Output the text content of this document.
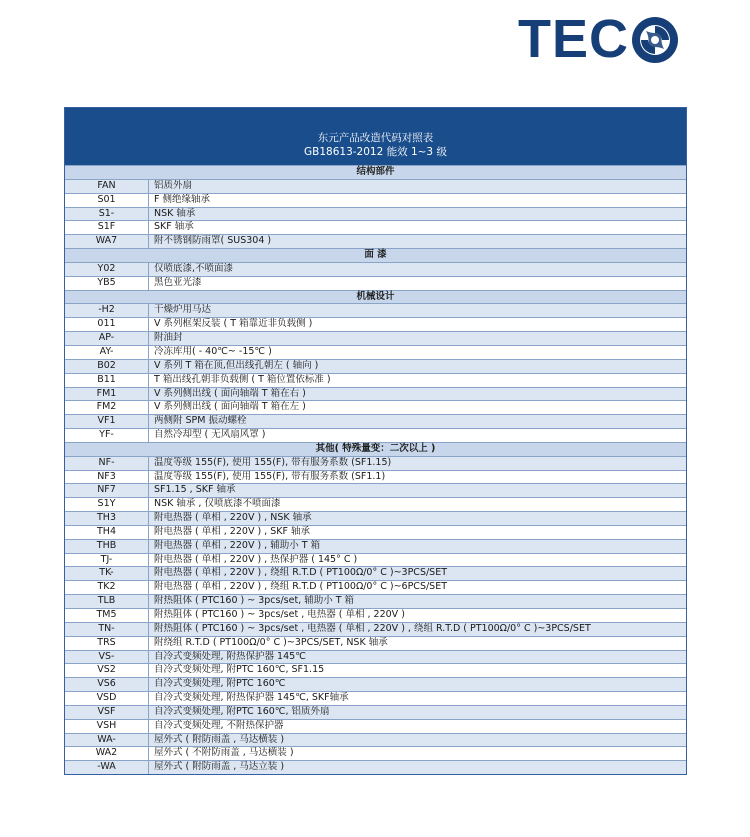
TEC
东元产品改造代码对照表
GB18613-2012 能效 1~3 级
结构部件
FAN	铝质外扇
S01	F 侧绝缘轴承
S1-	NSK 轴承
S1F	SKF 轴承
WA7	附不锈钢防雨罩( SUS304 )
面 漆
Y02	仅喷底漆,不喷面漆
YB5	黑色亚光漆
机械设计
-H2	干燥炉用马达
011	V 系列框架反装 ( T 箱靠近非负载侧 )
AP-	附油封
AY-	冷冻库用( - 40℃~ -15℃ )
B02	V 系列 T 箱在顶,但出线孔朝左 ( 轴向 )
B11	T 箱出线孔朝非负载侧 ( T 箱位置依标准 )
FM1	V 系列侧出线 ( 面向轴端 T 箱在右 )
FM2	V 系列侧出线 ( 面向轴端 T 箱在左 )
VF1	两侧附 SPM 振动螺栓
YF-	自然冷却型 ( 无风扇风罩 )
其他( 特殊量变：二次以上 )
NF-	温度等级 155(F), 使用 155(F), 带有服务系数 (SF1.15)
NF3	温度等级 155(F), 使用 155(F), 带有服务系数 (SF1.1)
NF7	SF1.15 , SKF 轴承
S1Y	NSK 轴承 , 仅喷底漆不喷面漆
TH3	附电热器 ( 单相 , 220V ) , NSK 轴承
TH4	附电热器 ( 单相 , 220V ) , SKF 轴承
THB	附电热器 ( 单相 , 220V ) , 辅助小 T 箱
TJ-	附电热器 ( 单相 , 220V ) , 热保护器 ( 145° C )
TK-	附电热器 ( 单相 , 220V ) , 绕组 R.T.D ( PT100Ω/0° C )~3PCS/SET
TK2	附电热器 ( 单相 , 220V ) , 绕组 R.T.D ( PT100Ω/0° C )~6PCS/SET
TLB	附热阻体 ( PTC160 ) ~ 3pcs/set, 辅助小 T 箱
TM5	附热阻体 ( PTC160 ) ~ 3pcs/set , 电热器 ( 单相 , 220V )
TN-	附热阻体 ( PTC160 ) ~ 3pcs/set , 电热器 ( 单相 , 220V ) , 绕组 R.T.D ( PT100Ω/0° C )~3PCS/SET
TRS	附绕组 R.T.D ( PT100Ω/0° C )~3PCS/SET, NSK 轴承
VS-	自冷式变频处理, 附热保护器 145℃
VS2	自冷式变频处理, 附PTC 160℃, SF1.15
VS6	自冷式变频处理, 附PTC 160℃
VSD	自冷式变频处理, 附热保护器 145℃, SKF轴承
VSF	自冷式变频处理, 附PTC 160℃, 铝质外扇
VSH	自冷式变频处理, 不附热保护器
WA-	屋外式 ( 附防雨盖 , 马达横装 )
WA2	屋外式 ( 不附防雨盖 , 马达横装 )
-WA	屋外式 ( 附防雨盖 , 马达立装 )
